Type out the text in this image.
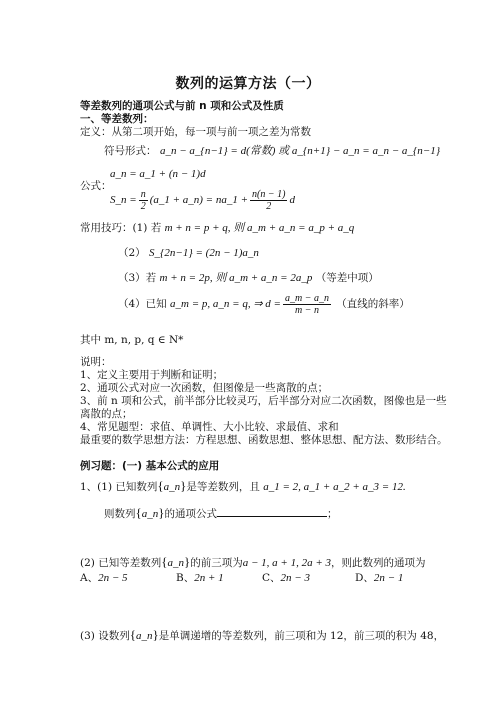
数列的运算方法（一）
等差数列的通项公式与前 n 项和公式及性质
一、等差数列：
定义：从第二项开始，每一项与前一项之差为常数
符号形式： a_n − a_{n−1} = d(常数) 或 a_{n+1} − a_n = a_n − a_{n−1}
a_n = a_1 + (n − 1)d
公式：
S_n = $\frac{n}{2}$ (a_1 + a_n) = na_1 + $\frac{n(n - 1)}{2}$ d
常用技巧：(1) 若 m + n = p + q, 则 a_m + a_n = a_p + a_q
（2） S_{2n−1} = (2n − 1)a_n
（3）若 m + n = 2p, 则 a_m + a_n = 2a_p （等差中项）
（4）已知 a_m = p, a_n = q, ⇒ $d = \frac{a\_m - a\_n}{m - n}$ （直线的斜率）
其中 m, n, p, q ∈ N*
说明：
1、定义主要用于判断和证明；
2、通项公式对应一次函数，但图像是一些离散的点；
3、前 n 项和公式，前半部分比较灵巧，后半部分对应二次函数，图像也是一些
离散的点；
4、常见题型：求值、单调性、大小比较、求最值、求和
最重要的数学思想方法：方程思想、函数思想、整体思想、配方法、数形结合。
例习题：(一) 基本公式的应用
1、(1) 已知数列{a_n}是等差数列，且 a_1 = 2, a_1 + a_2 + a_3 = 12.
则数列{a_n}的通项公式	；
(2) 已知等差数列{a_n}的前三项为a − 1, a + 1, 2a + 3，则此数列的通项为
A、2n − 5	B、2n + 1	C、2n − 3	D、2n − 1
(3) 设数列{a_n}是单调递增的等差数列，前三项和为 12，前三项的积为 48，
